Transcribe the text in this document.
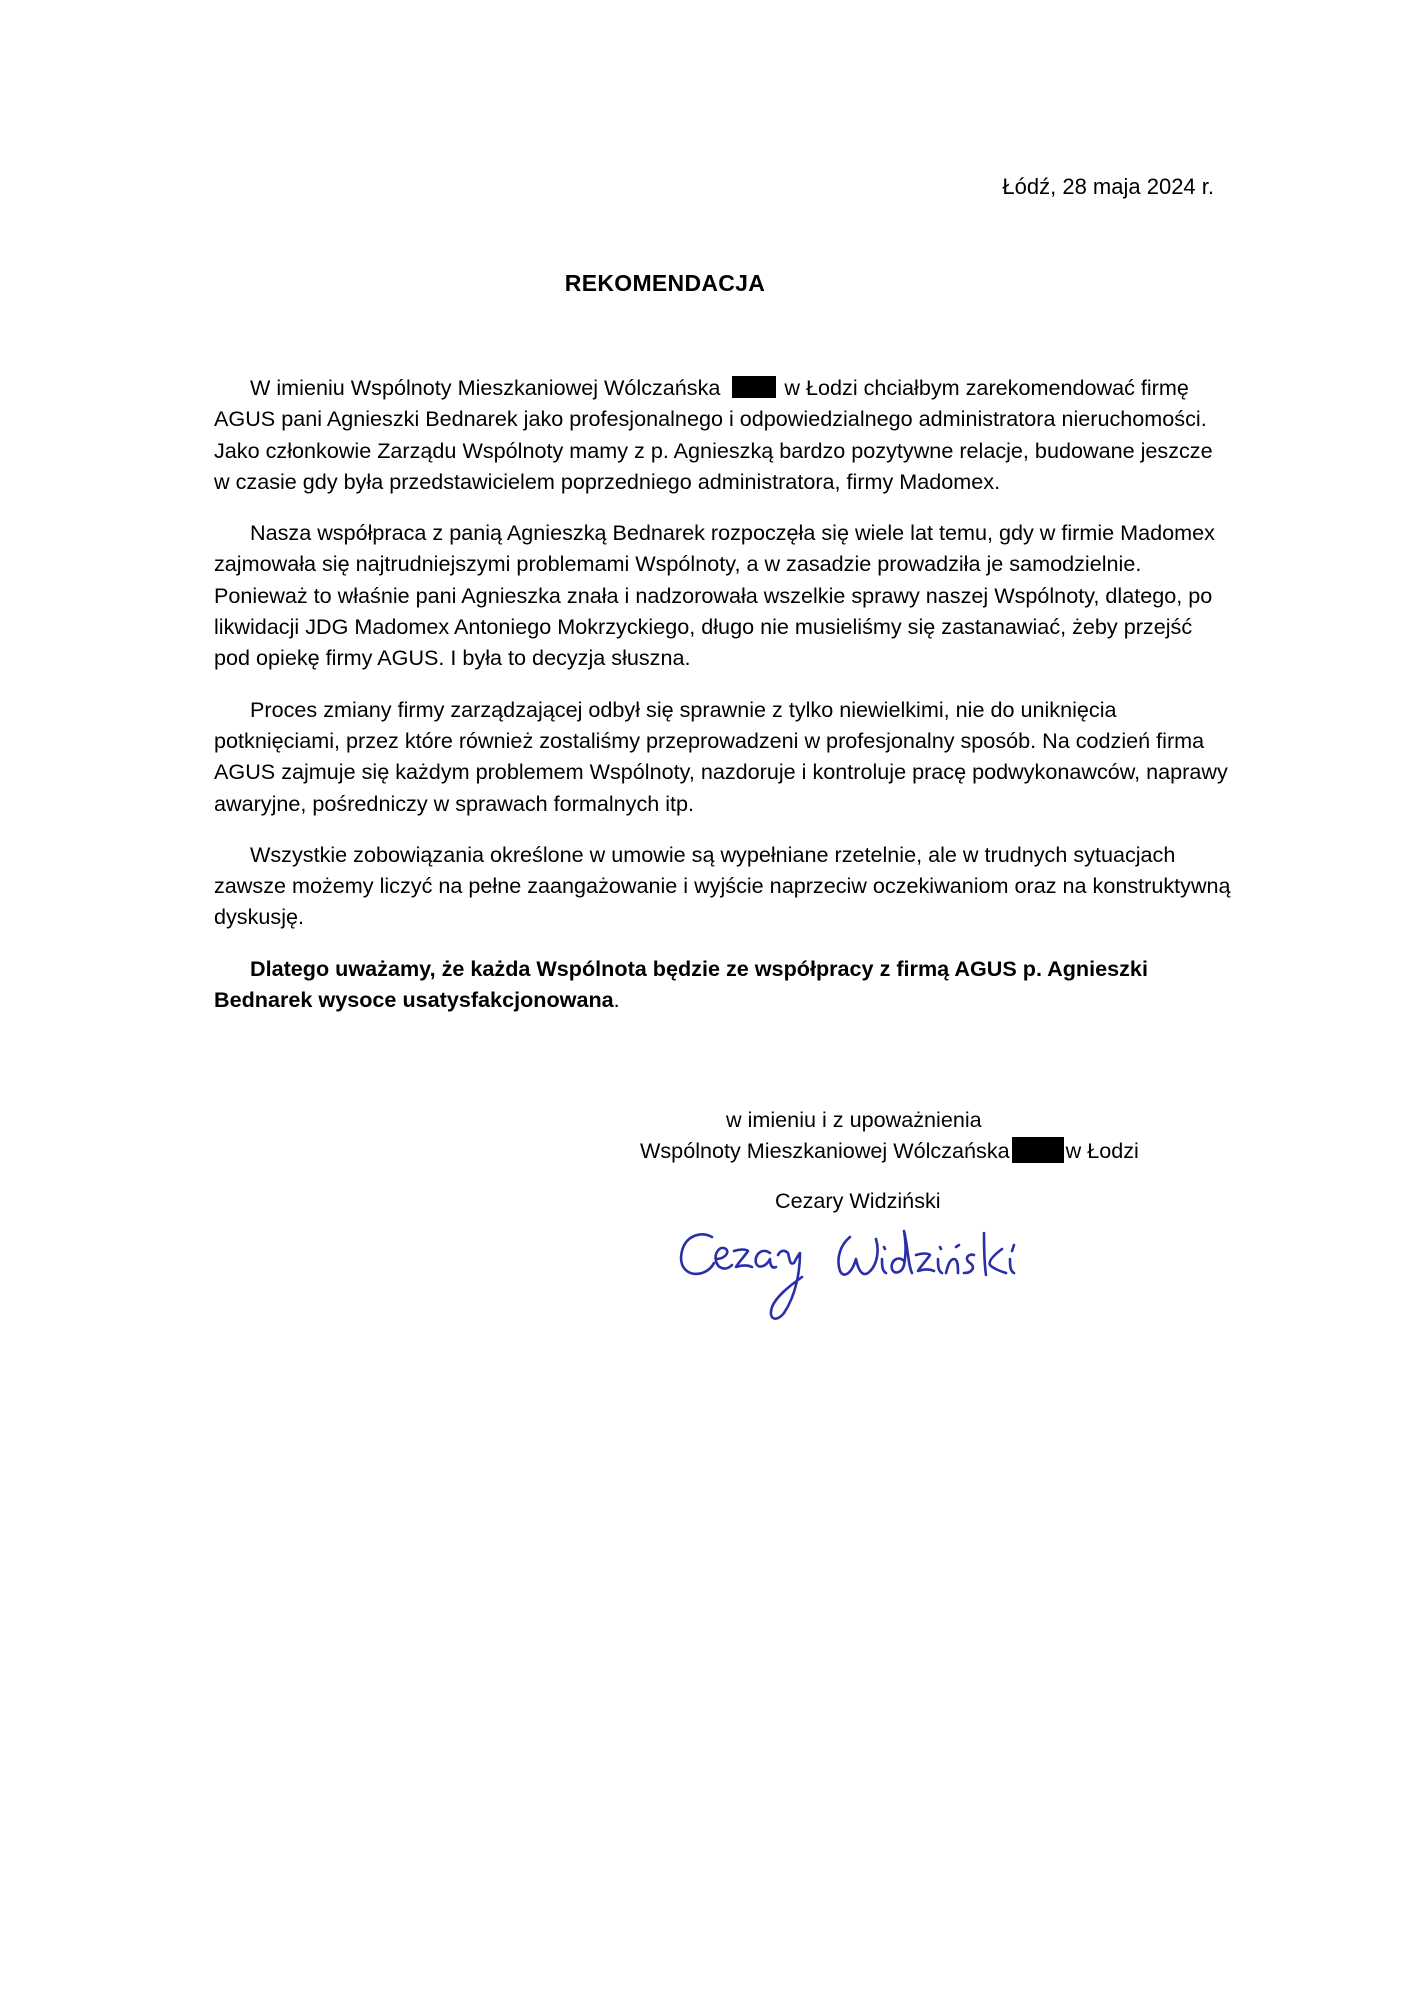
Łódź, 28 maja 2024 r.
REKOMENDACJA

W imieniu Wspólnoty Mieszkaniowej Wólczańska  w Łodzi chciałbym zarekomendować firmę AGUS pani Agnieszki Bednarek jako profesjonalnego i odpowiedzialnego administratora nieruchomości. Jako członkowie Zarządu Wspólnoty mamy z p. Agnieszką bardzo pozytywne relacje, budowane jeszcze w czasie gdy była przedstawicielem poprzedniego administratora, firmy Madomex.

Nasza współpraca z panią Agnieszką Bednarek rozpoczęła się wiele lat temu, gdy w firmie Madomex zajmowała się najtrudniejszymi problemami Wspólnoty, a w zasadzie prowadziła je samodzielnie. Ponieważ to właśnie pani Agnieszka znała i nadzorowała wszelkie sprawy naszej Wspólnoty, dlatego, po likwidacji JDG Madomex Antoniego Mokrzyckiego, długo nie musieliśmy się zastanawiać, żeby przejść pod opiekę firmy AGUS. I była to decyzja słuszna.

Proces zmiany firmy zarządzającej odbył się sprawnie z tylko niewielkimi, nie do uniknięcia potknięciami, przez które również zostaliśmy przeprowadzeni w profesjonalny sposób. Na codzień firma AGUS zajmuje się każdym problemem Wspólnoty, nazdoruje i kontroluje pracę podwykonawców, naprawy awaryjne, pośredniczy w sprawach formalnych itp.

Wszystkie zobowiązania określone w umowie są wypełniane rzetelnie, ale w trudnych sytuacjach zawsze możemy liczyć na pełne zaangażowanie i wyjście naprzeciw oczekiwaniom oraz na konstruktywną dyskusję.

Dlatego uważamy, że każda Wspólnota będzie ze współpracy z firmą AGUS p. Agnieszki Bednarek wysoce usatysfakcjonowana.

w imieniu i z upoważnienia
Wspólnoty Mieszkaniowej Wólczańska	w Łodzi
Cezary Widziński
